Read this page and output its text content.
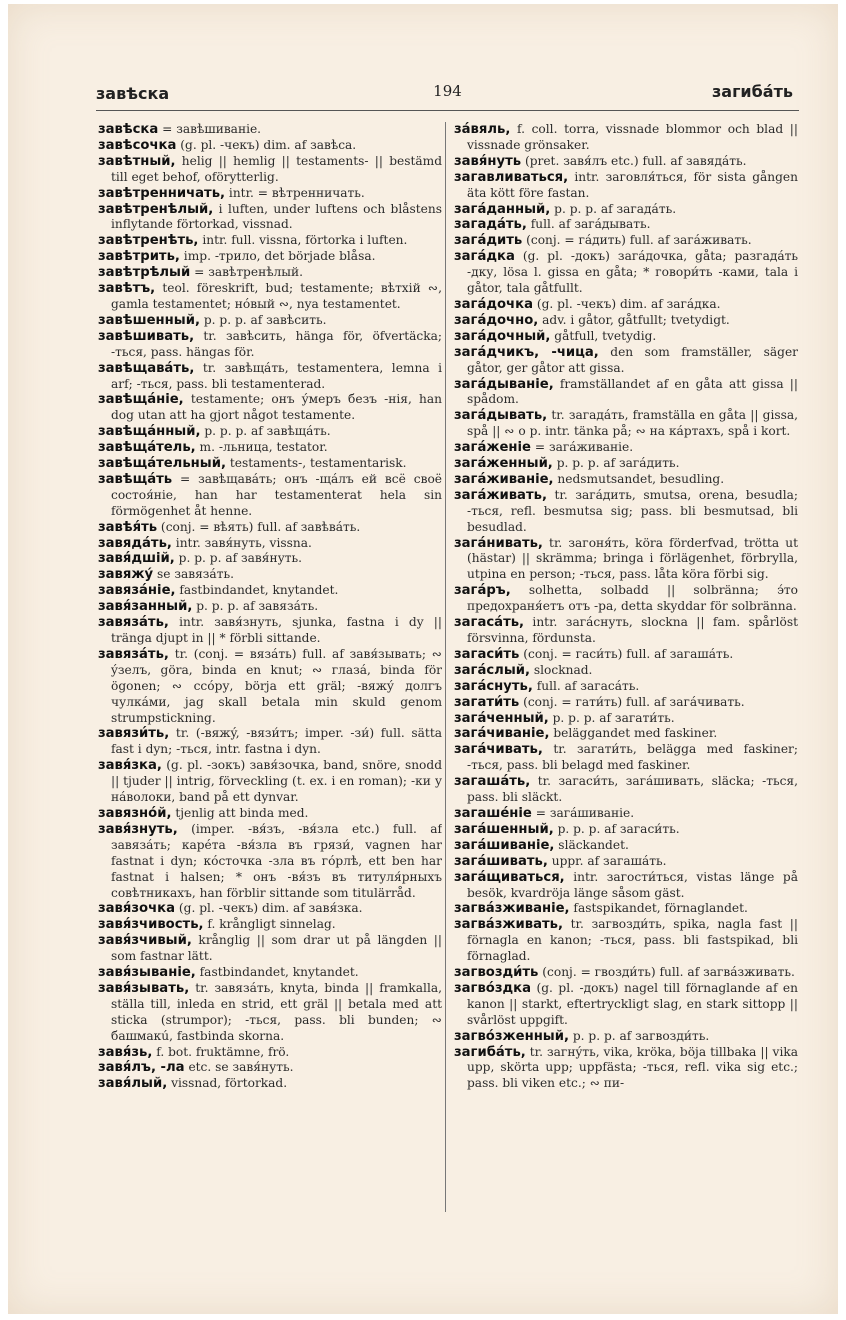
завѣска	194	загибáть

завѣска = завѣшиваніе.

завѣсочка (g. pl. -чекъ) dim. af завѣса.

завѣтный, helig || hemlig || testaments- || bestämd till eget behof, oförytterlig.

завѣтренничать, intr. = вѣтренничать.

завѣтренѣлый, i luften, under luftens och blåstens inflytande förtorkad, vissnad.

завѣтренѣть, intr. full. vissna, förtorka i luften.

завѣтрить, imp. -трило, det började blåsa.

завѣтрѣлый = завѣтренѣлый.

завѣтъ, teol. föreskrift, bud; testamente; вѣтхій ∾, gamla testamentet; нóвый ∾, nya testamentet.

завѣшенный, p. p. p. af завѣсить.

завѣшивать, tr. завѣсить, hänga för, öfvertäcka; -ться, pass. hängas för.

завѣщавáть, tr. завѣщáть, testamentera, lemna i arf; -ться, pass. bli testamenterad.

завѣщáніе, testamente; онъ ýмеръ безъ -нія, han dog utan att ha gjort något testamente.

завѣщáнный, p. p. p. af завѣщáть.

завѣщáтель, m. -льница, testator.

завѣщáтельный, testaments-, testamentarisk.

завѣщáть = завѣщавáть; онъ -щáлъ ей всё своё состоя́ніе, han har testamenterat hela sin förmögenhet åt henne.

завѣя́ть (conj. = вѣять) full. af завѣвáть.

завядáть, intr. завя́нуть, vissna.

завя́дшій, p. p. p. af завя́нуть.

завяжý se завязáть.

завязáніе, fastbindandet, knytandet.

завя́занный, p. p. p. af завязáть.

завязáть, intr. завя́знуть, sjunka, fastna i dy || tränga djupt in || * förbli sittande.

завязáть, tr. (conj. = вязáть) full. af завя́зывать; ∾ ýзелъ, göra, binda en knut; ∾ глазá, binda för ögonen; ∾ ссóру, börja ett gräl; -вяжý долгъ чулкáми, jag skall betala min skuld genom strumpstickning.

завязи́ть, tr. (-вяжý, -вязи́тъ; imper. -зи́) full. sätta fast i dyn; -ться, intr. fastna i dyn.

завя́зка, (g. pl. -зокъ) завя́зочка, band, snöre, snodd || tjuder || intrig, förveckling (t. ex. i en roman); -ки у нáволоки, band på ett dynvar.

завязнóй, tjenlig att binda med.

завя́знуть, (imper. -вя́зъ, -вя́зла etc.) full. af завязáть; карéта -вя́зла въ грязи́, vagnen har fastnat i dyn; кóсточка -зла въ гóрлѣ, ett ben har fastnat i halsen; * онъ -вя́зъ въ титуля́рныхъ совѣтникахъ, han förblir sittande som titulärråd.

завя́зочка (g. pl. -чекъ) dim. af завя́зка.

завя́зчивость, f. krångligt sinnelag.

завя́зчивый, krånglig || som drar ut på längden || som fastnar lätt.

завя́зываніе, fastbindandet, knytandet.

завя́зывать, tr. завязáть, knyta, binda || framkalla, ställa till, inleda en strid, ett gräl || betala med att sticka (strumpor); -ться, pass. bli bunden; ∾ башмакú, fastbinda skorna.

завя́зь, f. bot. fruktämne, frö.

завя́лъ, -ла etc. se завя́нуть.

завя́лый, vissnad, förtorkad.

зáвяль, f. coll. torra, vissnade blommor och blad || vissnade grönsaker.

завя́нуть (pret. завя́лъ etc.) full. af завядáть.

загавливаться, intr. заговля́ться, för sista gången äta kött före fastan.

загáданный, p. p. p. af загадáть.

загадáть, full. af загáдывать.

загáдить (conj. = гáдить) full. af загáживать.

загáдка (g. pl. -докъ) загáдочка, gåta; разгадáть -дку, lösa l. gissa en gåta; * говори́ть -ками, tala i gåtor, tala gåtfullt.

загáдочка (g. pl. -чекъ) dim. af загáдка.

загáдочно, adv. i gåtor, gåtfullt; tvetydigt.

загáдочный, gåtfull, tvetydig.

загáдчикъ, -чица, den som framställer, säger gåtor, ger gåtor att gissa.

загáдываніе, framställandet af en gåta att gissa || spådom.

загáдывать, tr. загадáть, framställa en gåta || gissa, spå || ∾ о р. intr. tänka på; ∾ на кáртахъ, spå i kort.

загáженіе = загáживаніе.

загáженный, p. p. p. af загáдить.

загáживаніе, nedsmutsandet, besudling.

загáживать, tr. загáдить, smutsa, orena, besudla; -ться, refl. besmutsa sig; pass. bli besmutsad, bli besudlad.

загáнивать, tr. загоня́ть, köra förderfvad, trötta ut (hästar) || skrämma; bringa i förlägenhet, förbrylla, utpina en person; -ться, pass. låta köra förbi sig.

загáръ, solhetta, solbadd || solbränna; э́то предохраня́етъ отъ -ра, detta skyddar för solbränna.

загасáть, intr. загáснуть, slockna || fam. spårlöst försvinna, fördunsta.

загаси́ть (conj. = гаси́ть) full. af загашáть.

загáслый, slocknad.

загáснуть, full. af загасáть.

загати́ть (conj. = гати́ть) full. af загáчивать.

загáченный, p. p. p. af загати́ть.

загáчиваніе, beläggandet med faskiner.

загáчивать, tr. загати́ть, belägga med faskiner; -ться, pass. bli belagd med faskiner.

загашáть, tr. загаси́ть, загáшивать, släcka; -ться, pass. bli släckt.

загашéніе = загáшиваніе.

загáшенный, p. p. p. af загаси́ть.

загáшиваніе, släckandet.

загáшивать, uppr. af загашáть.

загáщиваться, intr. загости́ться, vistas länge på besök, kvardröja länge såsom gäst.

загвáзживаніе, fastspikandet, förnaglandet.

загвáзживать, tr. загвозди́ть, spika, nagla fast || förnagla en kanon; -ться, pass. bli fastspikad, bli förnaglad.

загвозди́ть (conj. = гвозди́ть) full. af загвáзживать.

загвóздка (g. pl. -докъ) nagel till förnaglande af en kanon || starkt, eftertryckligt slag, en stark sittopp || svårlöst uppgift.

загвóзженный, p. p. p. af загвозди́ть.

загибáть, tr. загнýть, vika, kröka, böja tillbaka || vika upp, skörta upp; uppfästa; -ться, refl. vika sig etc.; pass. bli viken etc.; ∾ пи-
